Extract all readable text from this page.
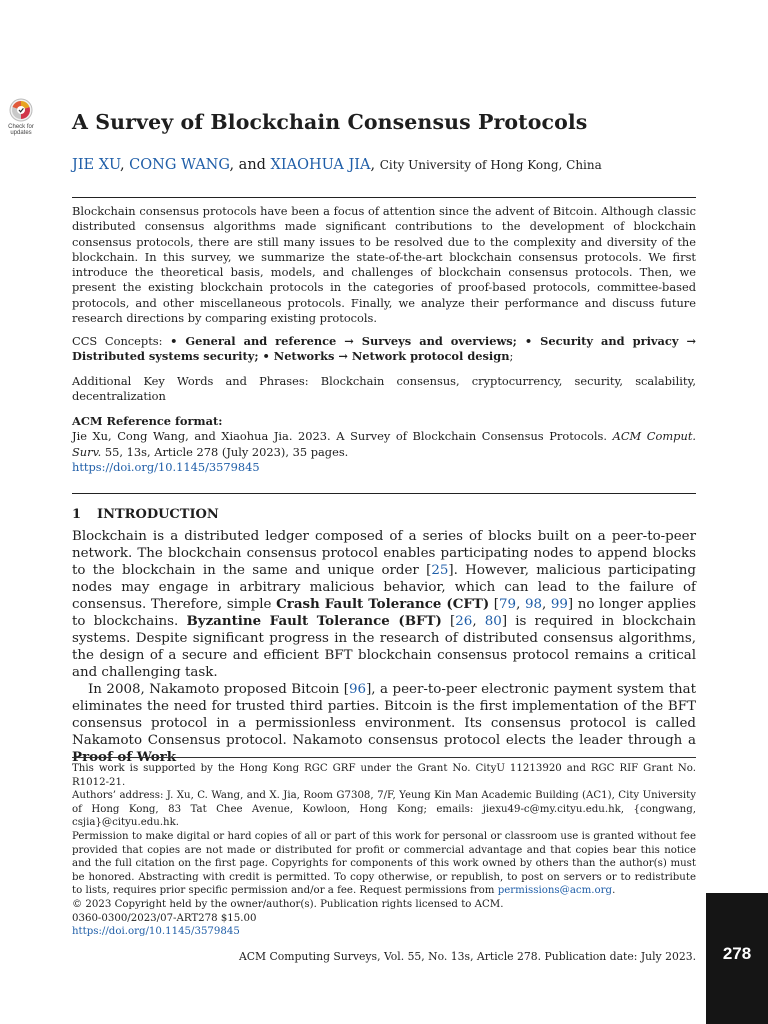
Check for
updates	A Survey of Blockchain Consensus Protocols
JIE XU, CONG WANG, and XIAOHUA JIA, City University of Hong Kong, China
Blockchain consensus protocols have been a focus of attention since the advent of Bitcoin. Although classic distributed consensus algorithms made significant contributions to the development of blockchain consensus protocols, there are still many issues to be resolved due to the complexity and diversity of the blockchain. In this survey, we summarize the state-of-the-art blockchain consensus protocols. We first introduce the theoretical basis, models, and challenges of blockchain consensus protocols. Then, we present the existing blockchain protocols in the categories of proof-based protocols, committee-based protocols, and other miscellaneous protocols. Finally, we analyze their performance and discuss future research directions by comparing existing protocols.
CCS Concepts: • General and reference → Surveys and overviews; • Security and privacy → Distributed systems security; • Networks → Network protocol design;
Additional Key Words and Phrases: Blockchain consensus, cryptocurrency, security, scalability, decentralization
ACM Reference format:
Jie Xu, Cong Wang, and Xiaohua Jia. 2023. A Survey of Blockchain Consensus Protocols. ACM Comput. Surv. 55, 13s, Article 278 (July 2023), 35 pages.
https://doi.org/10.1145/3579845
1 INTRODUCTION

Blockchain is a distributed ledger composed of a series of blocks built on a peer-to-peer network. The blockchain consensus protocol enables participating nodes to append blocks to the blockchain in the same and unique order [25]. However, malicious participating nodes may engage in arbitrary malicious behavior, which can lead to the failure of consensus. Therefore, simple Crash Fault Tolerance (CFT) [79, 98, 99] no longer applies to blockchains. Byzantine Fault Tolerance (BFT) [26, 80] is required in blockchain systems. Despite significant progress in the research of distributed consensus algorithms, the design of a secure and efficient BFT blockchain consensus protocol remains a critical and challenging task.

In 2008, Nakamoto proposed Bitcoin [96], a peer-to-peer electronic payment system that eliminates the need for trusted third parties. Bitcoin is the first implementation of the BFT consensus protocol in a permissionless environment. Its consensus protocol is called Nakamoto Consensus protocol. Nakamoto consensus protocol elects the leader through a Proof of Work

This work is supported by the Hong Kong RGC GRF under the Grant No. CityU 11213920 and RGC RIF Grant No. R1012-21.
Authors’ address: J. Xu, C. Wang, and X. Jia, Room G7308, 7/F, Yeung Kin Man Academic Building (AC1), City University of Hong Kong, 83 Tat Chee Avenue, Kowloon, Hong Kong; emails: jiexu49-c@my.cityu.edu.hk, {congwang, csjia}@cityu.edu.hk.
Permission to make digital or hard copies of all or part of this work for personal or classroom use is granted without fee provided that copies are not made or distributed for profit or commercial advantage and that copies bear this notice and the full citation on the first page. Copyrights for components of this work owned by others than the author(s) must be honored. Abstracting with credit is permitted. To copy otherwise, or republish, to post on servers or to redistribute to lists, requires prior specific permission and/or a fee. Request permissions from permissions@acm.org.
© 2023 Copyright held by the owner/author(s). Publication rights licensed to ACM.
0360-0300/2023/07-ART278 $15.00
https://doi.org/10.1145/3579845
ACM Computing Surveys, Vol. 55, No. 13s, Article 278. Publication date: July 2023.	278
